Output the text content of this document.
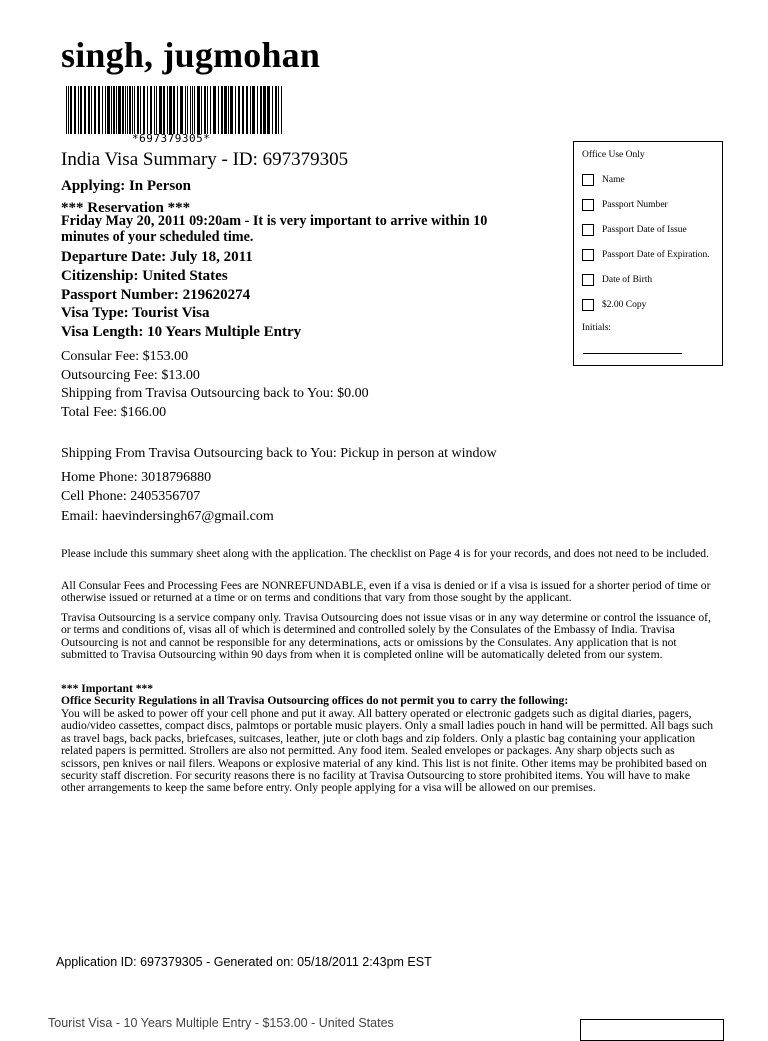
singh, jugmohan
*697379305*
India Visa Summary - ID: 697379305
Applying: In Person
*** Reservation ***
Friday May 20, 2011 09:20am - It is very important to arrive within 10
minutes of your scheduled time.
Departure Date: July 18, 2011
Citizenship: United States
Passport Number: 219620274
Visa Type: Tourist Visa
Visa Length: 10 Years Multiple Entry
Consular Fee: $153.00
Outsourcing Fee: $13.00
Shipping from Travisa Outsourcing back to You: $0.00
Total Fee: $166.00
Shipping From Travisa Outsourcing back to You: Pickup in person at window
Home Phone: 3018796880
Cell Phone: 2405356707
Email: haevindersingh67@gmail.com
Please include this summary sheet along with the application. The checklist on Page 4 is for your records, and does not need to be included.
All Consular Fees and Processing Fees are NONREFUNDABLE, even if a visa is denied or if a visa is issued for a shorter period of time or otherwise issued or returned at a time or on terms and conditions that vary from those sought by the applicant.
Travisa Outsourcing is a service company only. Travisa Outsourcing does not issue visas or in any way determine or control the issuance of, or terms and conditions of, visas all of which is determined and controlled solely by the Consulates of the Embassy of India. Travisa Outsourcing is not and cannot be responsible for any determinations, acts or omissions by the Consulates. Any application that is not submitted to Travisa Outsourcing within 90 days from when it is completed online will be automatically deleted from our system.
*** Important ***
Office Security Regulations in all Travisa Outsourcing offices do not permit you to carry the following:
You will be asked to power off your cell phone and put it away. All battery operated or electronic gadgets such as digital diaries, pagers, audio/video cassettes, compact discs, palmtops or portable music players. Only a small ladies pouch in hand will be permitted. All bags such as travel bags, back packs, briefcases, suitcases, leather, jute or cloth bags and zip folders. Only a plastic bag containing your application related papers is permitted. Strollers are also not permitted. Any food item. Sealed envelopes or packages. Any sharp objects such as scissors, pen knives or nail filers. Weapons or explosive material of any kind. This list is not finite. Other items may be prohibited based on security staff discretion. For security reasons there is no facility at Travisa Outsourcing to store prohibited items. You will have to make other arrangements to keep the same before entry. Only people applying for a visa will be allowed on our premises.
Office Use Only
Name
Passport Number
Passport Date of Issue
Passport Date of Expiration.
Date of Birth
$2.00 Copy
Initials:
Application ID: 697379305 - Generated on: 05/18/2011 2:43pm EST
Tourist Visa - 10 Years Multiple Entry - $153.00 - United States
